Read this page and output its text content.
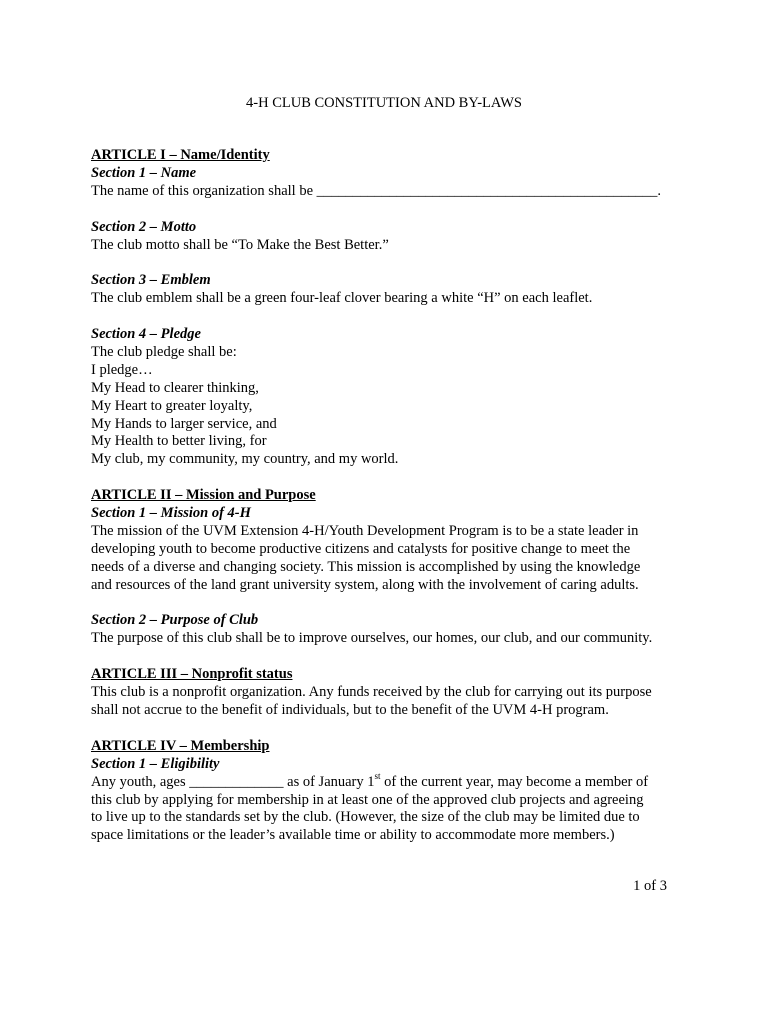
4-H CLUB CONSTITUTION AND BY-LAWS
ARTICLE I – Name/Identity
Section 1 – Name
The name of this organization shall be _______________________________________________.
Section 2 – Motto
The club motto shall be “To Make the Best Better.”
Section 3 – Emblem
The club emblem shall be a green four-leaf clover bearing a white “H” on each leaflet.
Section 4 – Pledge
The club pledge shall be:
I pledge…
My Head to clearer thinking,
My Heart to greater loyalty,
My Hands to larger service, and
My Health to better living, for
My club, my community, my country, and my world.
ARTICLE II – Mission and Purpose
Section 1 – Mission of 4-H
The mission of the UVM Extension 4-H/Youth Development Program is to be a state leader in
developing youth to become productive citizens and catalysts for positive change to meet the
needs of a diverse and changing society. This mission is accomplished by using the knowledge
and resources of the land grant university system, along with the involvement of caring adults.
Section 2 – Purpose of Club
The purpose of this club shall be to improve ourselves, our homes, our club, and our community.
ARTICLE III – Nonprofit status
This club is a nonprofit organization. Any funds received by the club for carrying out its purpose
shall not accrue to the benefit of individuals, but to the benefit of the UVM 4-H program.
ARTICLE IV – Membership
Section 1 – Eligibility
Any youth, ages _____________ as of January 1st of the current year, may become a member of
this club by applying for membership in at least one of the approved club projects and agreeing
to live up to the standards set by the club. (However, the size of the club may be limited due to
space limitations or the leader’s available time or ability to accommodate more members.)
1 of 3
